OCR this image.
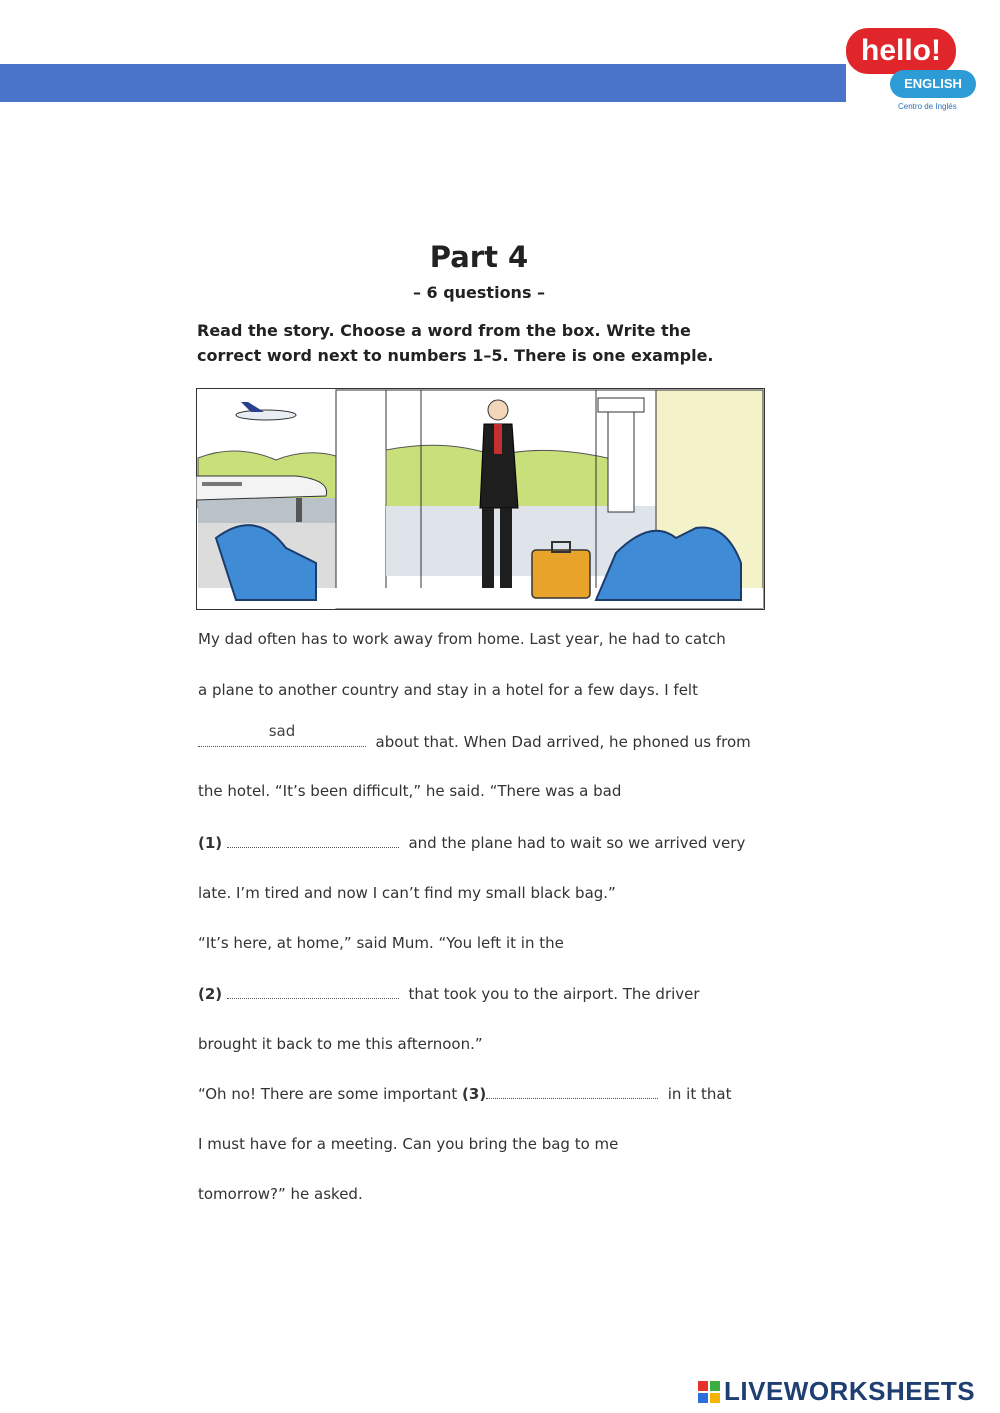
hello!
ENGLISH
Centro de Inglés
Part 4
– 6 questions –
Read the story. Choose a word from the box. Write the correct word next to numbers 1–5. There is one example.
My dad often has to work away from home. Last year, he had to catch
a plane to another country and stay in a hotel for a few days. I felt
sad
about that. When Dad arrived, he phoned us from
the hotel. “It’s been difficult,” he said. “There was a bad
(1)	and the plane had to wait so we arrived very
late. I’m tired and now I can’t find my small black bag.”
“It’s here, at home,” said Mum. “You left it in the
(2)	that took you to the airport. The driver
brought it back to me this afternoon.”
“Oh no! There are some important (3)	in it that
I must have for a meeting. Can you bring the bag to me
tomorrow?” he asked.
LIVEWORKSHEETS
